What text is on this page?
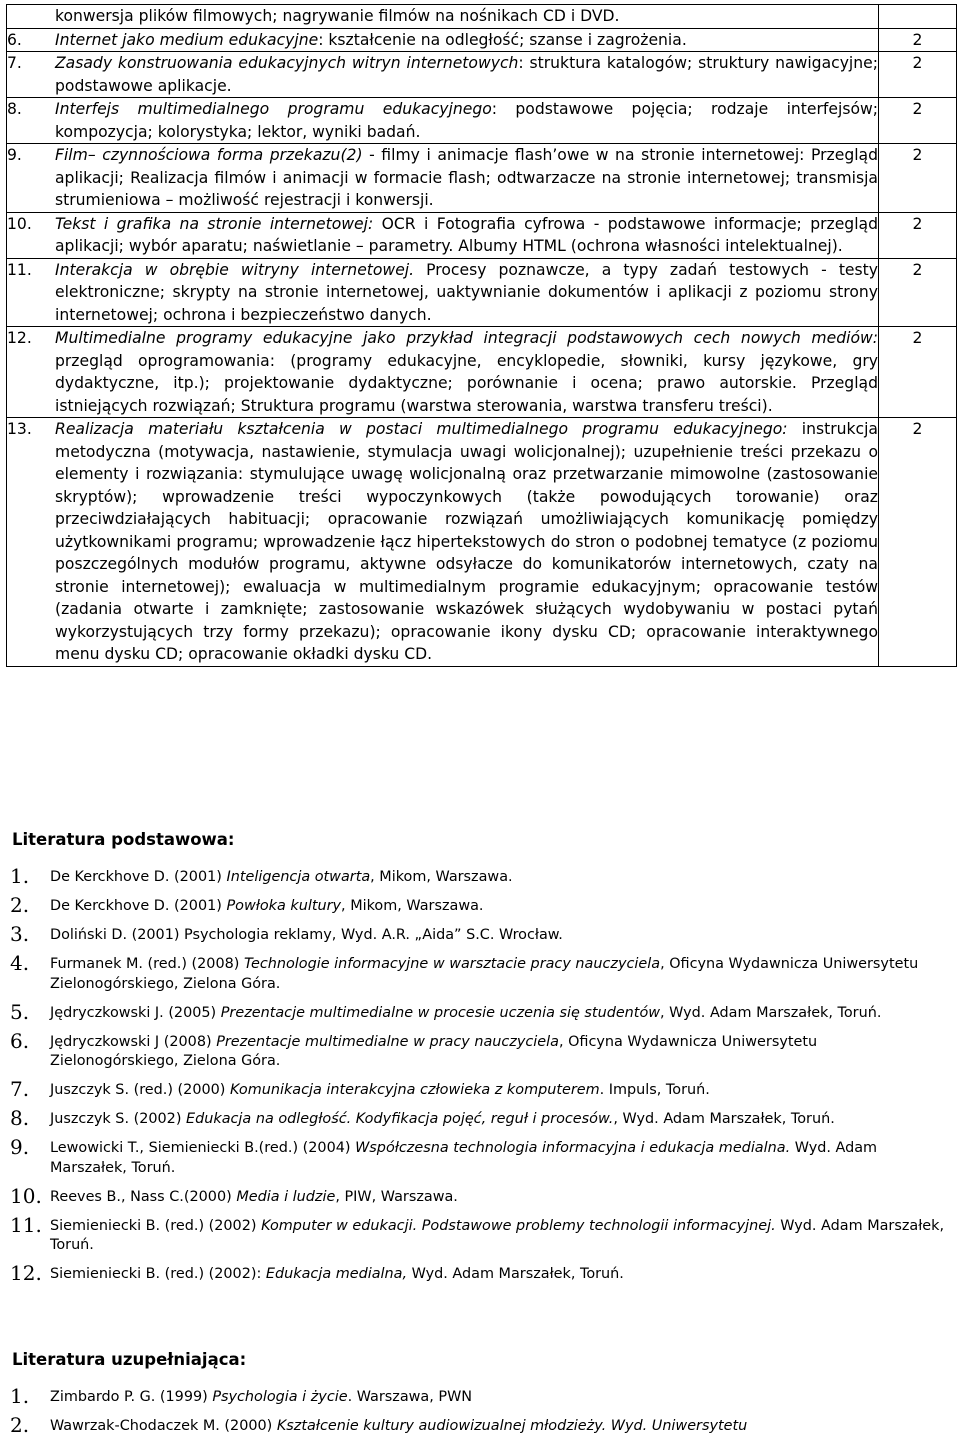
konwersja plików filmowych; nagrywanie filmów na nośnikach CD i DVD.	

6. Internet jako medium edukacyjne: kształcenie na odległość; szanse i zagrożenia.	2

7. Zasady konstruowania edukacyjnych witryn internetowych: struktura katalogów; struktury nawigacyjne; podstawowe aplikacje.	2

8. Interfejs multimedialnego programu edukacyjnego: podstawowe pojęcia; rodzaje interfejsów; kompozycja; kolorystyka; lektor, wyniki badań.	2

9. Film– czynnościowa forma przekazu(2) - filmy i animacje flash’owe w na stronie internetowej: Przegląd aplikacji; Realizacja filmów i animacji w formacie flash; odtwarzacze na stronie internetowej; transmisja strumieniowa – możliwość rejestracji i konwersji.	2

10. Tekst i grafika na stronie internetowej: OCR i Fotografia cyfrowa - podstawowe informacje; przegląd aplikacji; wybór aparatu; naświetlanie – parametry. Albumy HTML (ochrona własności intelektualnej).	2

11. Interakcja w obrębie witryny internetowej. Procesy poznawcze, a typy zadań testowych - testy elektroniczne; skrypty na stronie internetowej, uaktywnianie dokumentów i aplikacji z poziomu strony internetowej; ochrona i bezpieczeństwo danych.	2

12. Multimedialne programy edukacyjne jako przykład integracji podstawowych cech nowych mediów: przegląd oprogramowania: (programy edukacyjne, encyklopedie, słowniki, kursy językowe, gry dydaktyczne, itp.); projektowanie dydaktyczne; porównanie i ocena; prawo autorskie. Przegląd istniejących rozwiązań; Struktura programu (warstwa sterowania, warstwa transferu treści).	2

13. Realizacja materiału kształcenia w postaci multimedialnego programu edukacyjnego: instrukcja metodyczna (motywacja, nastawienie, stymulacja uwagi wolicjonalnej); uzupełnienie treści przekazu o elementy i rozwiązania: stymulujące uwagę wolicjonalną oraz przetwarzanie mimowolne (zastosowanie skryptów); wprowadzenie treści wypoczynkowych (także powodujących torowanie) oraz przeciwdziałających habituacji; opracowanie rozwiązań umożliwiających komunikację pomiędzy użytkownikami programu; wprowadzenie łącz hipertekstowych do stron o podobnej tematyce (z poziomu poszczególnych modułów programu, aktywne odsyłacze do komunikatorów internetowych, czaty na stronie internetowej); ewaluacja w multimedialnym programie edukacyjnym; opracowanie testów (zadania otwarte i zamknięte; zastosowanie wskazówek służących wydobywaniu w postaci pytań wykorzystujących trzy formy przekazu); opracowanie ikony dysku CD; opracowanie interaktywnego menu dysku CD; opracowanie okładki dysku CD.	2
Literatura podstawowa:
1. De Kerckhove D. (2001) Inteligencja otwarta, Mikom, Warszawa.
2. De Kerckhove D. (2001) Powłoka kultury, Mikom, Warszawa.
3. Doliński D. (2001) Psychologia reklamy, Wyd. A.R. „Aida” S.C. Wrocław.
4. Furmanek M. (red.) (2008) Technologie informacyjne w warsztacie pracy nauczyciela, Oficyna Wydawnicza Uniwersytetu Zielonogórskiego, Zielona Góra.
5. Jędryczkowski J. (2005) Prezentacje multimedialne w procesie uczenia się studentów, Wyd. Adam Marszałek, Toruń.
6. Jędryczkowski J (2008) Prezentacje multimedialne w pracy nauczyciela, Oficyna Wydawnicza Uniwersytetu Zielonogórskiego, Zielona Góra.
7. Juszczyk S. (red.) (2000) Komunikacja interakcyjna człowieka z komputerem. Impuls, Toruń.
8. Juszczyk S. (2002) Edukacja na odległość. Kodyfikacja pojęć, reguł i procesów., Wyd. Adam Marszałek, Toruń.
9. Lewowicki T., Siemieniecki B.(red.) (2004) Współczesna technologia informacyjna i edukacja medialna. Wyd. Adam Marszałek, Toruń.
10. Reeves B., Nass C.(2000) Media i ludzie, PIW, Warszawa.
11. Siemieniecki B. (red.) (2002) Komputer w edukacji. Podstawowe problemy technologii informacyjnej. Wyd. Adam Marszałek, Toruń.
12. Siemieniecki B. (red.) (2002): Edukacja medialna, Wyd. Adam Marszałek, Toruń.
Literatura uzupełniająca:
1. Zimbardo P. G. (1999) Psychologia i życie. Warszawa, PWN
2. Wawrzak-Chodaczek M. (2000) Kształcenie kultury audiowizualnej młodzieży. Wyd. Uniwersytetu
